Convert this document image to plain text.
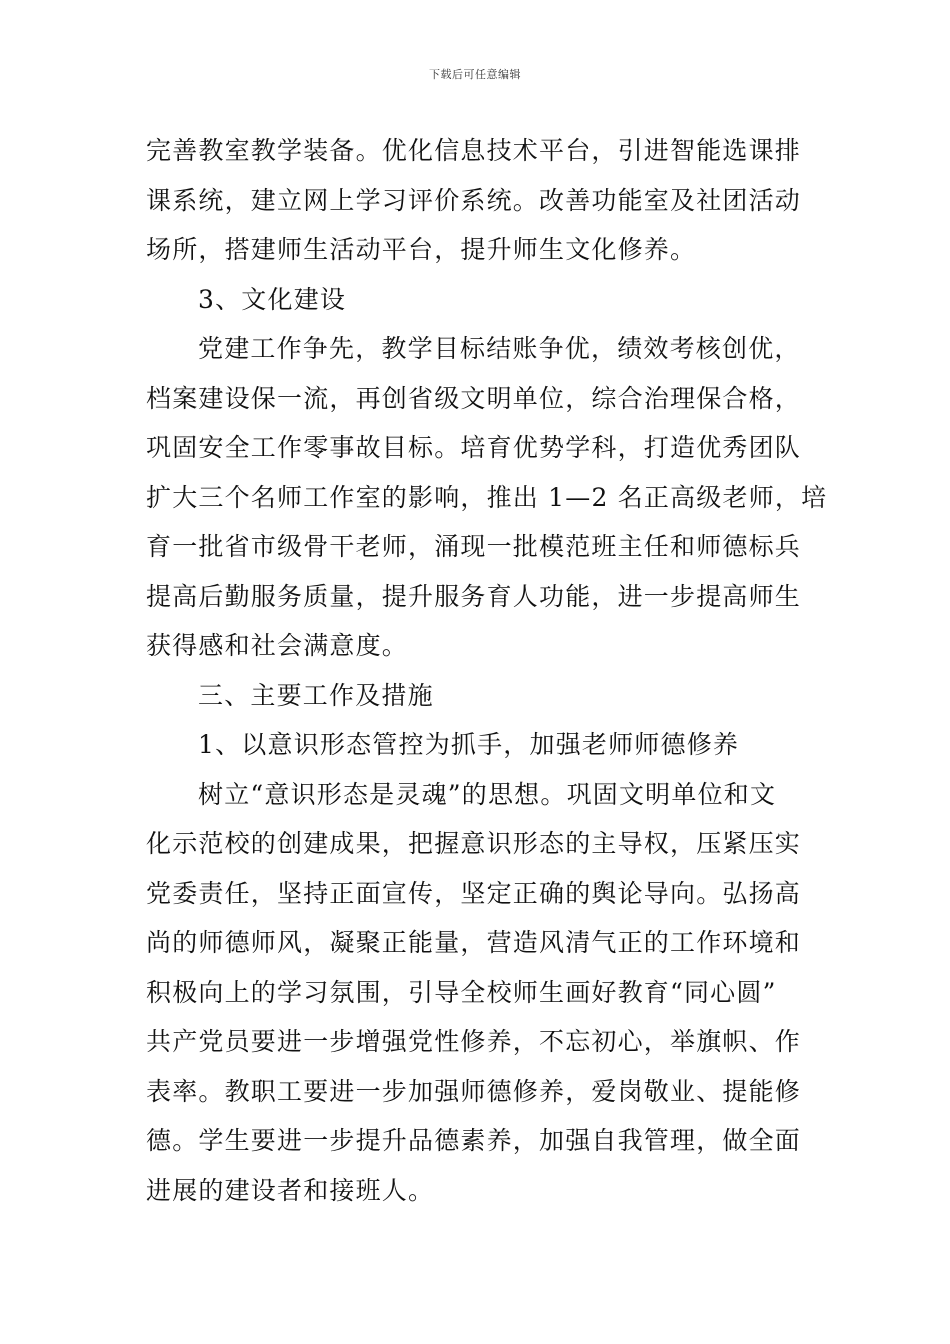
下载后可任意编辑
完善教室教学装备。优化信息技术平台，引进智能选课排
课系统，建立网上学习评价系统。改善功能室及社团活动
场所，搭建师生活动平台，提升师生文化修养。
3、文化建设
党建工作争先，教学目标结账争优，绩效考核创优，
档案建设保一流，再创省级文明单位，综合治理保合格，
巩固安全工作零事故目标。培育优势学科，打造优秀团队
扩大三个名师工作室的影响，推出 1—2 名正高级老师，培
育一批省市级骨干老师，涌现一批模范班主任和师德标兵
提高后勤服务质量，提升服务育人功能，进一步提高师生
获得感和社会满意度。
三、主要工作及措施
1、以意识形态管控为抓手，加强老师师德修养
树立“意识形态是灵魂”的思想。巩固文明单位和文
化示范校的创建成果，把握意识形态的主导权，压紧压实
党委责任，坚持正面宣传，坚定正确的舆论导向。弘扬高
尚的师德师风，凝聚正能量，营造风清气正的工作环境和
积极向上的学习氛围，引导全校师生画好教育“同心圆”
共产党员要进一步增强党性修养，不忘初心，举旗帜、作
表率。教职工要进一步加强师德修养，爱岗敬业、提能修
德。学生要进一步提升品德素养，加强自我管理，做全面
进展的建设者和接班人。
